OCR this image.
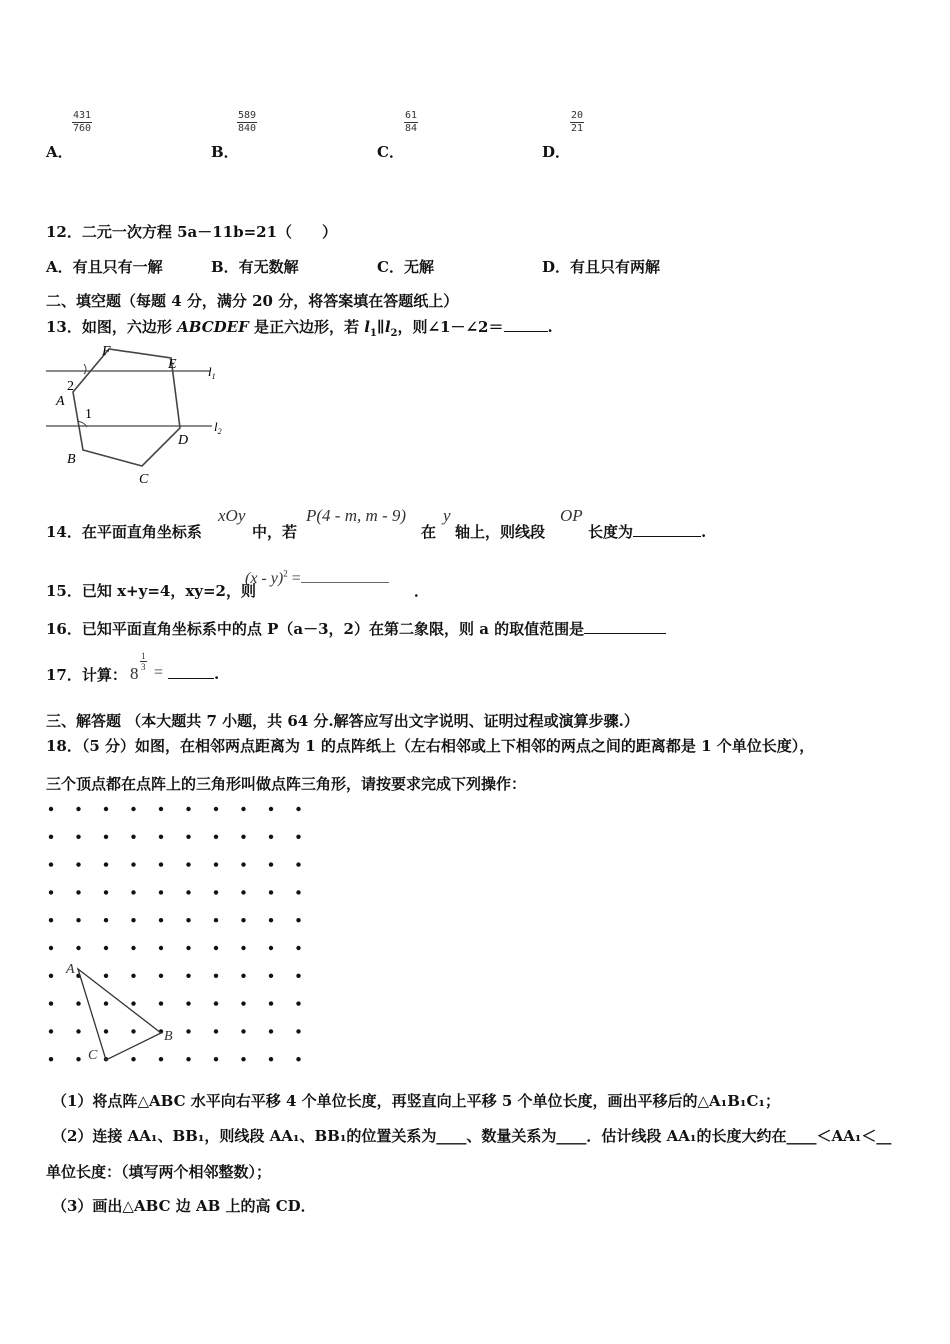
$\frac{431}{760}$
A．
$\frac{589}{840}$
B．
$\frac{61}{84}$
C．
$\frac{20}{21}$
D．
12．二元一次方程 5a－11b=21（　　）
A．有且只有一解	B．有无数解	C．无解	D．有且只有两解
二、填空题（每题 4 分，满分 20 分，将答案填在答题纸上）
13．如图，六边形 ABCDEF 是正六边形，若 $l_1\parallel l_2$，则∠1－∠2＝	.
F
E
A
B
C
D
2
1
$l_1$
$l_2$
14．在平面直角坐标系
xOy
中，若
P(4 - m, m - 9)
在
y
轴上，则线段
OP
长度为	.
15．已知 x+y=4，xy=2，则
(x - y)$^2$ =
．
16．已知平面直角坐标系中的点 P（a－3，2）在第二象限，则 a 的取值范围是
17．计算： 8
$\frac{1}{3}$
=	.
三、解答题 （本大题共 7 小题，共 64 分.解答应写出文字说明、证明过程或演算步骤.）
18．（5 分）如图，在相邻两点距离为 1 的点阵纸上（左右相邻或上下相邻的两点之间的距离都是 1 个单位长度），
三个顶点都在点阵上的三角形叫做点阵三角形，请按要求完成下列操作：
A
B
C
（1）将点阵△ABC 水平向右平移 4 个单位长度，再竖直向上平移 5 个单位长度，画出平移后的△A₁B₁C₁；
（2）连接 AA₁、BB₁，则线段 AA₁、BB₁的位置关系为____、数量关系为____．估计线段 AA₁的长度大约在____＜AA₁＜__
单位长度：（填写两个相邻整数）；
（3）画出△ABC 边 AB 上的高 CD．
